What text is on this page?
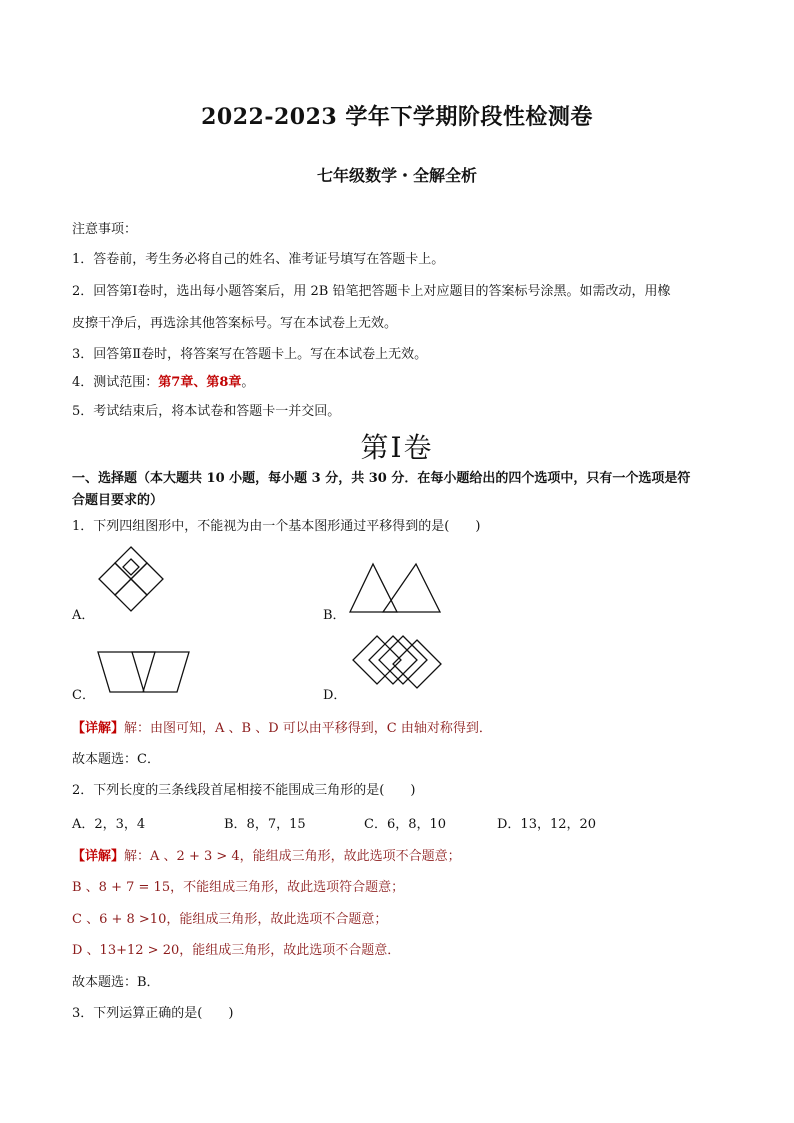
2022-2023 学年下学期阶段性检测卷
七年级数学・全解全析
注意事项：
1．答卷前，考生务必将自己的姓名、准考证号填写在答题卡上。
2．回答第Ⅰ卷时，选出每小题答案后，用 2B 铅笔把答题卡上对应题目的答案标号涂黑。如需改动，用橡
皮擦干净后，再选涂其他答案标号。写在本试卷上无效。
3．回答第Ⅱ卷时，将答案写在答题卡上。写在本试卷上无效。
4．测试范围：第7章、第8章。
5．考试结束后，将本试卷和答题卡一并交回。
第Ⅰ卷
一、选择题（本大题共 10 小题，每小题 3 分，共 30 分．在每小题给出的四个选项中，只有一个选项是符
合题目要求的）
1．下列四组图形中，不能视为由一个基本图形通过平移得到的是(　　)
A．	B．
C．	D．
【详解】解：由图可知，A 、B 、D 可以由平移得到，C 由轴对称得到．
故本题选：C．
2．下列长度的三条线段首尾相接不能围成三角形的是(　　)
A．2，3，4	B．8，7，15	C．6，8，10	D．13，12，20
【详解】解：A 、2 + 3 > 4，能组成三角形，故此选项不合题意；
B 、8 + 7 = 15，不能组成三角形，故此选项符合题意；
C 、6 + 8 >10，能组成三角形，故此选项不合题意；
D 、13+12 > 20，能组成三角形，故此选项不合题意．
故本题选：B．
3．下列运算正确的是(　　)
